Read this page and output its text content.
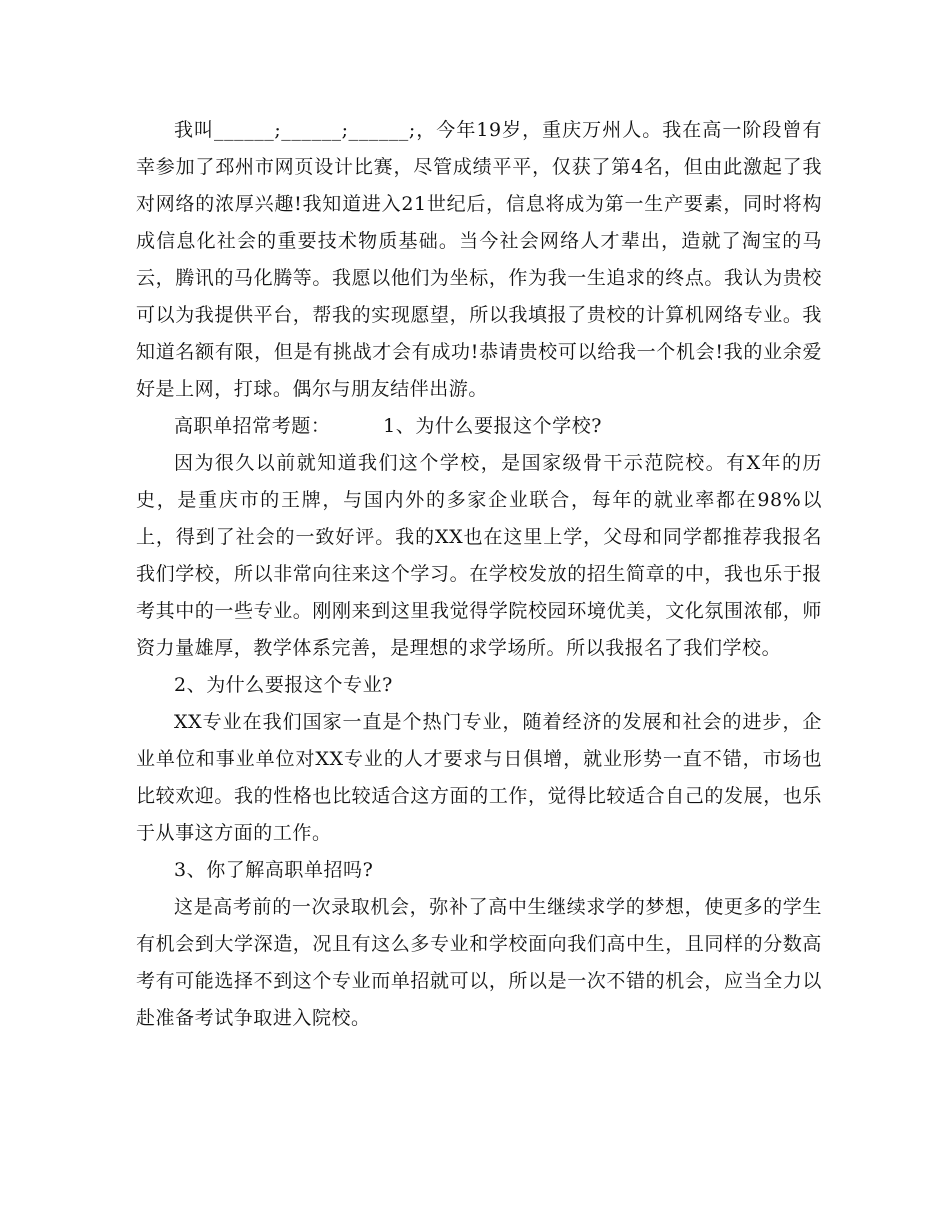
我叫______;______;______;，今年19岁，重庆万州人。我在高一阶段曾有幸参加了邳州市网页设计比赛，尽管成绩平平，仅获了第4名，但由此激起了我对网络的浓厚兴趣!我知道进入21世纪后，信息将成为第一生产要素，同时将构成信息化社会的重要技术物质基础。当今社会网络人才辈出，造就了淘宝的马云，腾讯的马化腾等。我愿以他们为坐标，作为我一生追求的终点。我认为贵校可以为我提供平台，帮我的实现愿望，所以我填报了贵校的计算机网络专业。我知道名额有限，但是有挑战才会有成功!恭请贵校可以给我一个机会!我的业余爱好是上网，打球。偶尔与朋友结伴出游。

高职单招常考题：	1、为什么要报这个学校?

因为很久以前就知道我们这个学校，是国家级骨干示范院校。有X年的历史，是重庆市的王牌，与国内外的多家企业联合，每年的就业率都在98%以上，得到了社会的一致好评。我的XX也在这里上学，父母和同学都推荐我报名我们学校，所以非常向往来这个学习。在学校发放的招生简章的中，我也乐于报考其中的一些专业。刚刚来到这里我觉得学院校园环境优美，文化氛围浓郁，师资力量雄厚，教学体系完善，是理想的求学场所。所以我报名了我们学校。

2、为什么要报这个专业?

XX专业在我们国家一直是个热门专业，随着经济的发展和社会的进步，企业单位和事业单位对XX专业的人才要求与日俱增，就业形势一直不错，市场也比较欢迎。我的性格也比较适合这方面的工作，觉得比较适合自己的发展，也乐于从事这方面的工作。

3、你了解高职单招吗?

这是高考前的一次录取机会，弥补了高中生继续求学的梦想，使更多的学生有机会到大学深造，况且有这么多专业和学校面向我们高中生，且同样的分数高考有可能选择不到这个专业而单招就可以，所以是一次不错的机会，应当全力以赴准备考试争取进入院校。
